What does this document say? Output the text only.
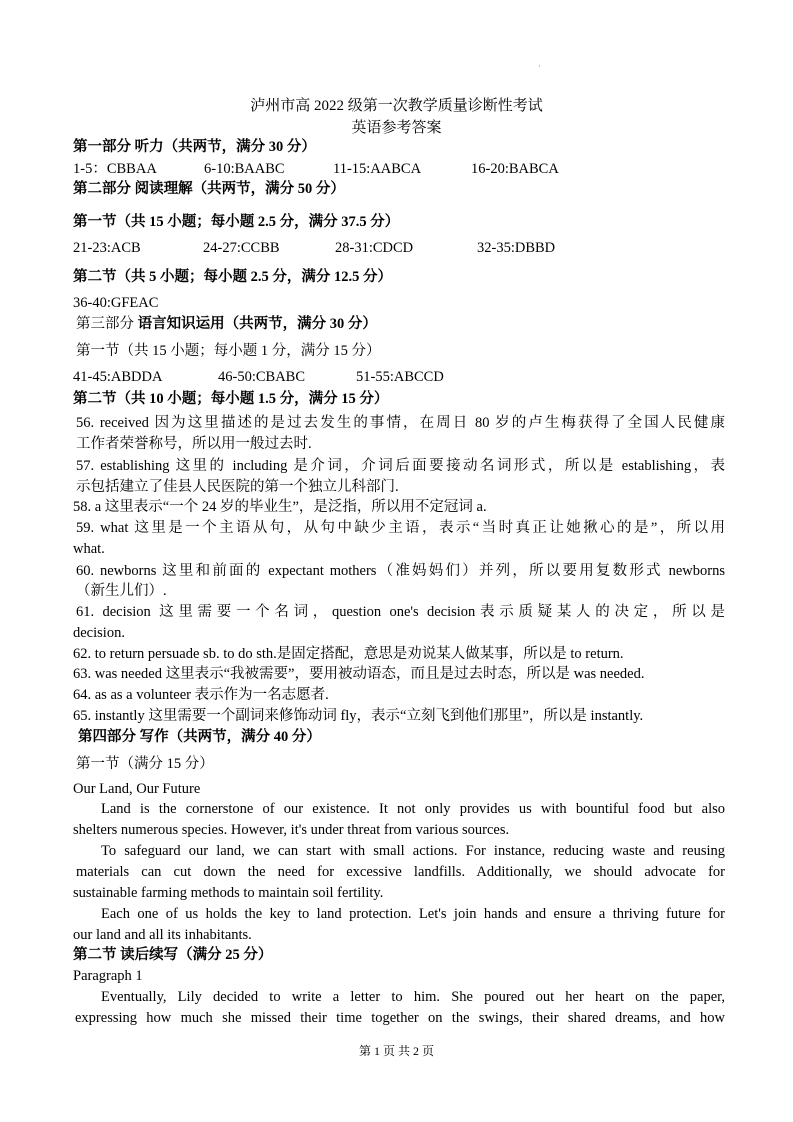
·
泸州市高 2022 级第一次教学质量诊断性考试
英语参考答案
第一部分 听力（共两节，满分 30 分）
1-5：CBBAA	6-10:BAABC	11-15:AABCA	16-20:BABCA
第二部分 阅读理解（共两节，满分 50 分）
第一节（共 15 小题；每小题 2.5 分，满分 37.5 分）
21-23:ACB	24-27:CCBB	28-31:CDCD	32-35:DBBD
第二节（共 5 小题；每小题 2.5 分，满分 12.5 分）
36-40:GFEAC
第三部分 语言知识运用（共两节，满分 30 分）
第一节（共 15 小题；每小题 1 分，满分 15 分）
41-45:ABDDA	46-50:CBABC	51-55:ABCCD
第二节（共 10 小题；每小题 1.5 分，满分 15 分）
56. received 因为这里描述的是过去发生的事情，在周日 80 岁的卢生梅获得了全国人民健康
工作者荣誉称号，所以用一般过去时.
57. establishing 这里的 including 是介词，介词后面要接动名词形式，所以是 establishing，表
示包括建立了佳县人民医院的第一个独立儿科部门.
58. a 这里表示“一个 24 岁的毕业生”，是泛指，所以用不定冠词 a.
59. what 这里是一个主语从句，从句中缺少主语，表示“当时真正让她揪心的是”，所以用
what.
60. newborns 这里和前面的 expectant mothers（准妈妈们）并列，所以要用复数形式 newborns
（新生儿们）.
61. decision 这里需要一个名词，question one's decision表示质疑某人的决定，所以是
decision.
62. to return persuade sb. to do sth.是固定搭配，意思是劝说某人做某事，所以是 to return.
63. was needed 这里表示“我被需要”，要用被动语态，而且是过去时态，所以是 was needed.
64. as as a volunteer 表示作为一名志愿者.
65. instantly 这里需要一个副词来修饰动词 fly，表示“立刻飞到他们那里”，所以是 instantly.
第四部分 写作（共两节，满分 40 分）
第一节（满分 15 分）
Our Land, Our Future
Land is the cornerstone of our existence. It not only provides us with bountiful food but also
shelters numerous species. However, it's under threat from various sources.
To safeguard our land, we can start with small actions. For instance, reducing waste and reusing
materials can cut down the need for excessive landfills. Additionally, we should advocate for
sustainable farming methods to maintain soil fertility.
Each one of us holds the key to land protection. Let's join hands and ensure a thriving future for
our land and all its inhabitants.
第二节 读后续写（满分 25 分）
Paragraph 1
Eventually, Lily decided to write a letter to him. She poured out her heart on the paper,
expressing how much she missed their time together on the swings, their shared dreams, and how
第 1 页 共 2 页
